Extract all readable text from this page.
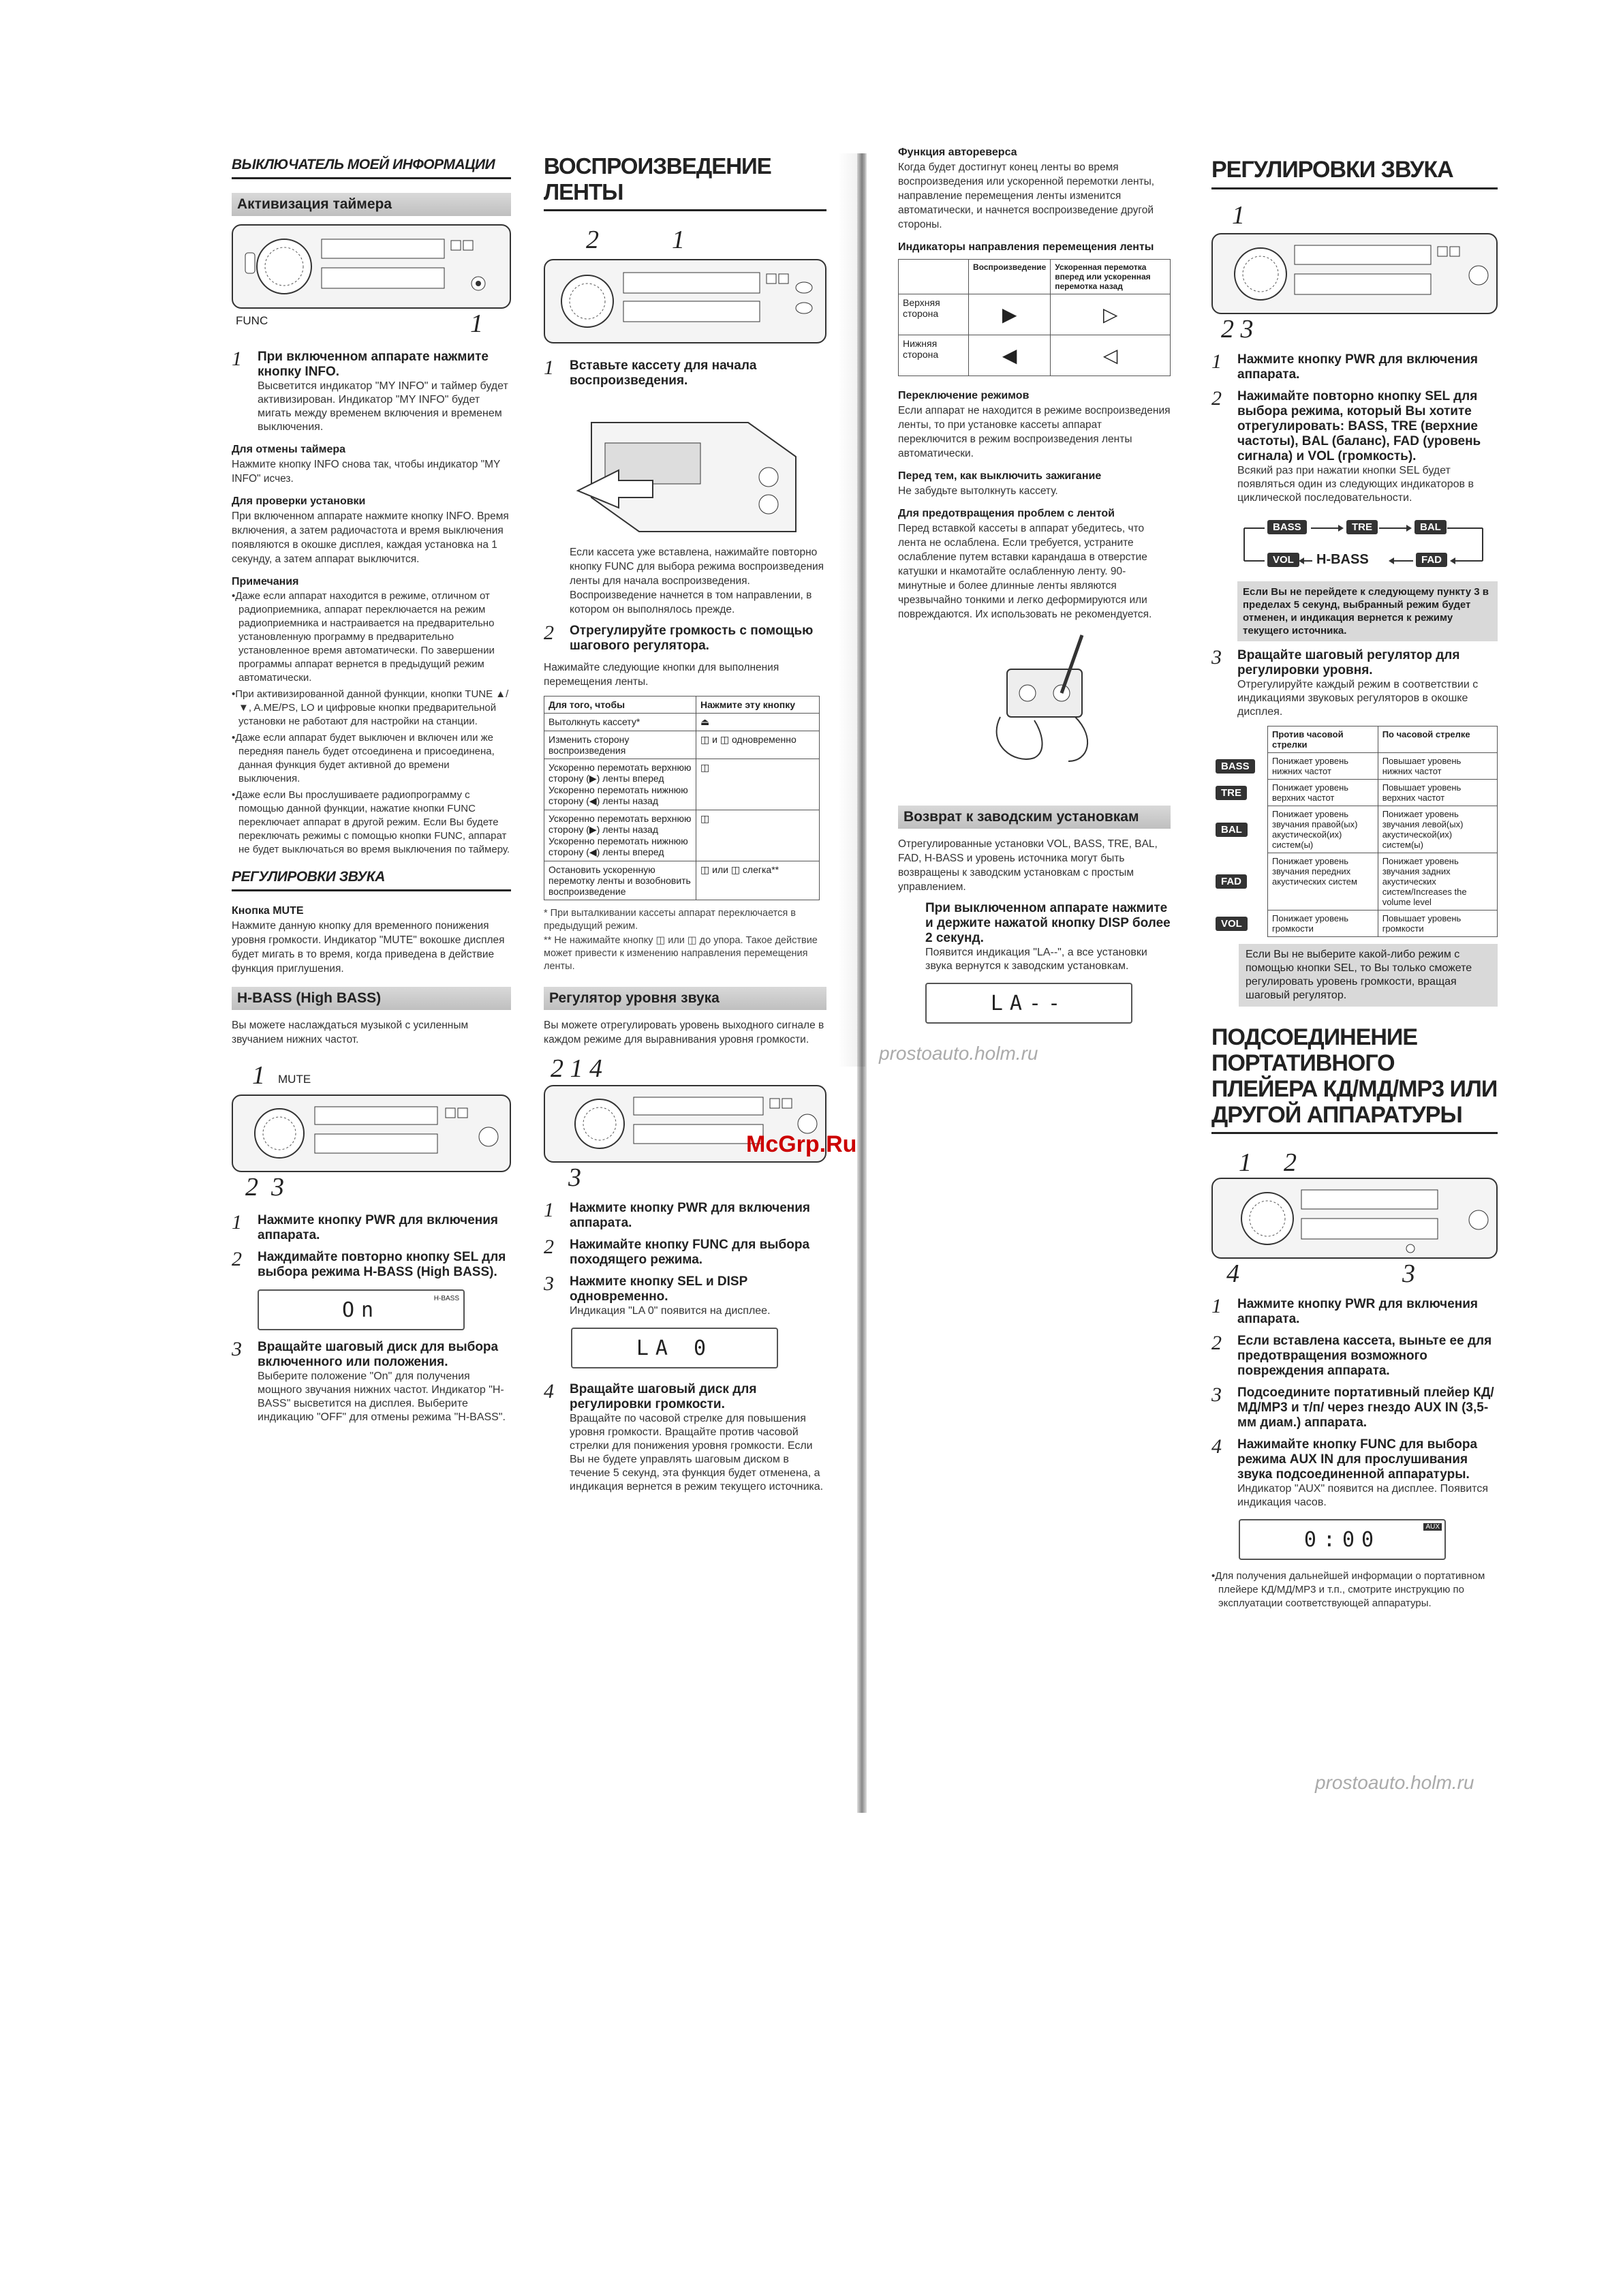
ВЫКЛЮЧАТЕЛЬ МОЕЙ ИНФОРМАЦИИ
Активизация таймера
FUNC	1
1	При включенном аппарате нажмите кнопку INFO.
Высветится индикатор "MY INFO" и таймер будет активизирован. Индикатор "MY INFO" будет мигать между временем включения и временем выключения.
Для отмены таймера
Нажмите кнопку INFO снова так, чтобы индикатор "MY INFO" исчез.
Для проверки установки
При включенном аппарате нажмите кнопку INFO. Время включения, а затем радиочастота и время выключения появляются в окошке дисплея, каждая установка на 1 секунду, а затем аппарат выключится.
Примечания
•Даже если аппарат находится в режиме, отличном от радиоприемника, аппарат переключается на режим радиоприемника и настраивается на предварительно установленную программу в предварительно установленное время автоматически. По завершении программы аппарат вернется в предыдущий режим автоматически.
•При активизированной данной функции, кнопки TUNE ▲/▼, A.ME/PS, LO и цифровые кнопки предварительной установки не работают для настройки на станции.
•Даже если аппарат будет выключен и включен или же передняя панель будет отсоединена и присоединена, данная функция будет активной до времени выключения.
•Даже если Вы прослушиваете радиопрограмму с помощью данной функции, нажатие кнопки FUNC переключает аппарат в другой режим. Если Вы будете переключать режимы с помощью кнопки FUNC, аппарат не будет выключаться во время выключения по таймеру.
РЕГУЛИРОВКИ ЗВУКА
Кнопка MUTE
Нажмите данную кнопку для временного понижения уровня громкости. Индикатор "MUTE" вокошке дисплея будет мигать в то время, когда приведена в действие функция приглушения.
H-BASS (High BASS)
Вы можете наслаждаться музыкой с усиленным звучанием нижних частот.
1 MUTE
2 3
1	Нажмите кнопку PWR для включения аппарата.
2	Наждимайте повторно кнопку SEL для выбора режима H-BASS (High BASS).
On	H-BASS
3	Вращайте шаговый диск для выбора включенного или положения.
Выберите положение "On" для получения мощного звучания нижних частот. Индикатор "H-BASS" высветится на дисплея. Выберите индикацию "OFF" для отмены режима "H-BASS".
ВОСПРОИЗВЕДЕНИЕ ЛЕНТЫ
2	1
1	Вставьте кассету для начала воспроизведения.
Если кассета уже вставлена, нажимайте повторно кнопку FUNC для выбора режима воспроизведения ленты для начала воспроизведения. Воспроизведение начнется в том направлении, в котором он выполнялось прежде.
2	Отрегулируйте громкость с помощью шагового регулятора.
Нажимайте следующие кнопки для выполнения перемещения ленты.
Для того, чтобы	Нажмите эту кнопку
Вытолкнуть кассету*	⏏
Изменить сторону воспроизведения	◫ и ◫ одновременно
Ускоренно перемотать верхнюю сторону (▶) ленты вперед Ускоренно перемотать нижнюю сторону (◀) ленты назад	◫
Ускоренно перемотать верхнюю сторону (▶) ленты назад Ускоренно перемотать нижнюю сторону (◀) ленты вперед	◫
Остановить ускоренную перемотку ленты и возобновить воспроизведение	◫ или ◫ слегка**
* При выталкивании кассеты аппарат переключается в предыдущий режим.
** Не нажимайте кнопку ◫ или ◫ до упора. Такое действие может привести к изменению направления перемещения ленты.
Регулятор уровня звука
Вы можете отрегулировать уровень выходного сигнале в каждом режиме для выравнивания уровня громкости.
2 1 4
3
1	Нажмите кнопку PWR для включения аппарата.
2	Нажимайте кнопку FUNC для выбора походящего режима.
3	Нажмите кнопку SEL и DISP одновременно.
Индикация "LA 0" появится на дисплее.
LA 0
4	Вращайте шаговый диск для регулировки громкости.
Вращайте по часовой стрелке для повышения уровня громкости. Вращайте против часовой стрелки для понижения уровня громкости. Если Вы не будете управлять шаговым диском в течение 5 секунд, эта функция будет отменена, а индикация вернется в режим текущего источника.
Функция автореверса
Когда будет достигнут конец ленты во время воспроизведения или ускоренной перемотки ленты, направление перемещения ленты изменится автоматически, и начнется воспроизведение другой стороны.
Индикаторы направления перемещения ленты
	Воспроизведение	Ускоренная перемотка вперед или ускоренная перемотка назад
Верхняя сторона	▶	▷
Нижняя сторона	◀	◁
Переключение режимов
Если аппарат не находится в режиме воспроизведения ленты, то при установке кассеты аппарат переключится в режим воспроизведения ленты автоматически.
Перед тем, как выключить зажигание
Не забудьте вытолкнуть кассету.
Для предотвращения проблем с лентой
Перед вставкой кассеты в аппарат убедитесь, что лента не ослаблена. Если требуется, устраните ослабление путем вставки карандаша в отверстие катушки и нкамотайте ослабленную ленту. 90-минутные и более длинные ленты являются чрезвычайно тонкими и легко деформируются или повреждаются. Их использовать не рекомендуется.
Возврат к заводским установкам
Отрегулированные установки VOL, BASS, TRE, BAL, FAD, H-BASS и уровень источника могут быть возвращены к заводским установкам с простым управлением.
При выключенном аппарате нажмите и держите нажатой кнопку DISP более 2 секунд.
Появится индикация "LA--", а все установки звука вернутся к заводским установкам.
LA--
РЕГУЛИРОВКИ ЗВУКА
1
2 3
1	Нажмите кнопку PWR для включения аппарата.
2	Нажимайте повторно кнопку SEL для выбора режима, который Вы хотите отрегулировать: BASS, TRE (верхние частоты), BAL (баланс), FAD (уровень сигнала) и VOL (громкость).
Всякий раз при нажатии кнопки SEL будет появляться один из следующих индикаторов в циклической последовательности.
BASS	TRE	BAL
FAD
H-BASS
VOL
Если Вы не перейдете к следующему пункту 3 в пределах 5 секунд, выбранный режим будет отменен, и индикация вернется к режиму текущего источника.
3	Вращайте шаговый регулятор для регулировки уровня.
Отрегулируйте каждый режим в соответствии с индикациями звуковых регуляторов в окошке дисплея.
	Против часовой стрелки	По часовой стрелке
BASS	Понижает уровень нижних частот	Повышает уровень нижних частот
TRE	Понижает уровень верхних частот	Повышает уровень верхних частот
BAL	Понижает уровень звучания правой(ых) акустической(их) систем(ы)	Понижает уровень звучания левой(ых) акустической(их) систем(ы)
FAD	Понижает уровень звучания передних акустических систем	Понижает уровень звучания задних акустических систем/Increases the volume level
VOL	Понижает уровень громкости	Повышает уровень громкости
Если Вы не выберите какой-либо режим с помощью кнопки SEL, то Вы только сможете регулировать уровень громкости, вращая шаговый регулятор.
ПОДСОЕДИНЕНИЕ ПОРТАТИВНОГО ПЛЕЙЕРА КД/МД/МР3 ИЛИ ДРУГОЙ АППАРАТУРЫ
1 2
4	3
1	Нажмите кнопку PWR для включения аппарата.
2	Если вставлена кассета, выньте ее для предотвращения возможного повреждения аппарата.
3	Подсоедините портативный плейер КД/МД/МР3 и т/п/ через гнездо AUX IN (3,5-мм диам.) аппарата.
4	Нажимайте кнопку FUNC для выбора режима AUX IN для прослушивания звука подсоединенной аппаратуры.
Индикатор "AUX" появится на дисплее. Появится индикация часов.
0:00
AUX
•Для получения дальнейшей информации о портативном плейере КД/МД/МР3 и т.п., смотрите инструкцию по эксплуатации соответствующей аппаратуры.
prostoauto.holm.ru
prostoauto.holm.ru
McGrp.Ru
